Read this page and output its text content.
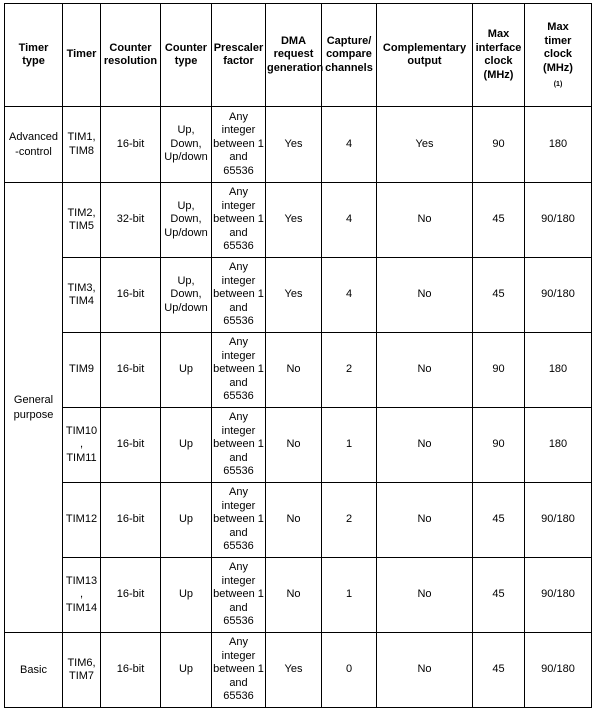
Timer
type	Timer	Counter
resolution	Counter
type	Prescaler
factor	DMA
request
generation	Capture/
compare
channels	Complementary
output	Max
interface
clock
(MHz)	Max
timer
clock
(MHz)
$^{(1)}$
Advanced
-control	TIM1,
TIM8	16-bit	Up,
Down,
Up/down	Any
integer
between 1
and
65536	Yes	4	Yes	90	180
General
purpose	TIM2,
TIM5	32-bit	Up,
Down,
Up/down	Any
integer
between 1
and
65536	Yes	4	No	45	90/180
	TIM3,
TIM4	16-bit	Up,
Down,
Up/down	Any
integer
between 1
and
65536	Yes	4	No	45	90/180
	TIM9	16-bit	Up	Any
integer
between 1
and
65536	No	2	No	90	180
	TIM10
,
TIM11	16-bit	Up	Any
integer
between 1
and
65536	No	1	No	90	180
	TIM12	16-bit	Up	Any
integer
between 1
and
65536	No	2	No	45	90/180
	TIM13
,
TIM14	16-bit	Up	Any
integer
between 1
and
65536	No	1	No	45	90/180
Basic	TIM6,
TIM7	16-bit	Up	Any
integer
between 1
and
65536	Yes	0	No	45	90/180
